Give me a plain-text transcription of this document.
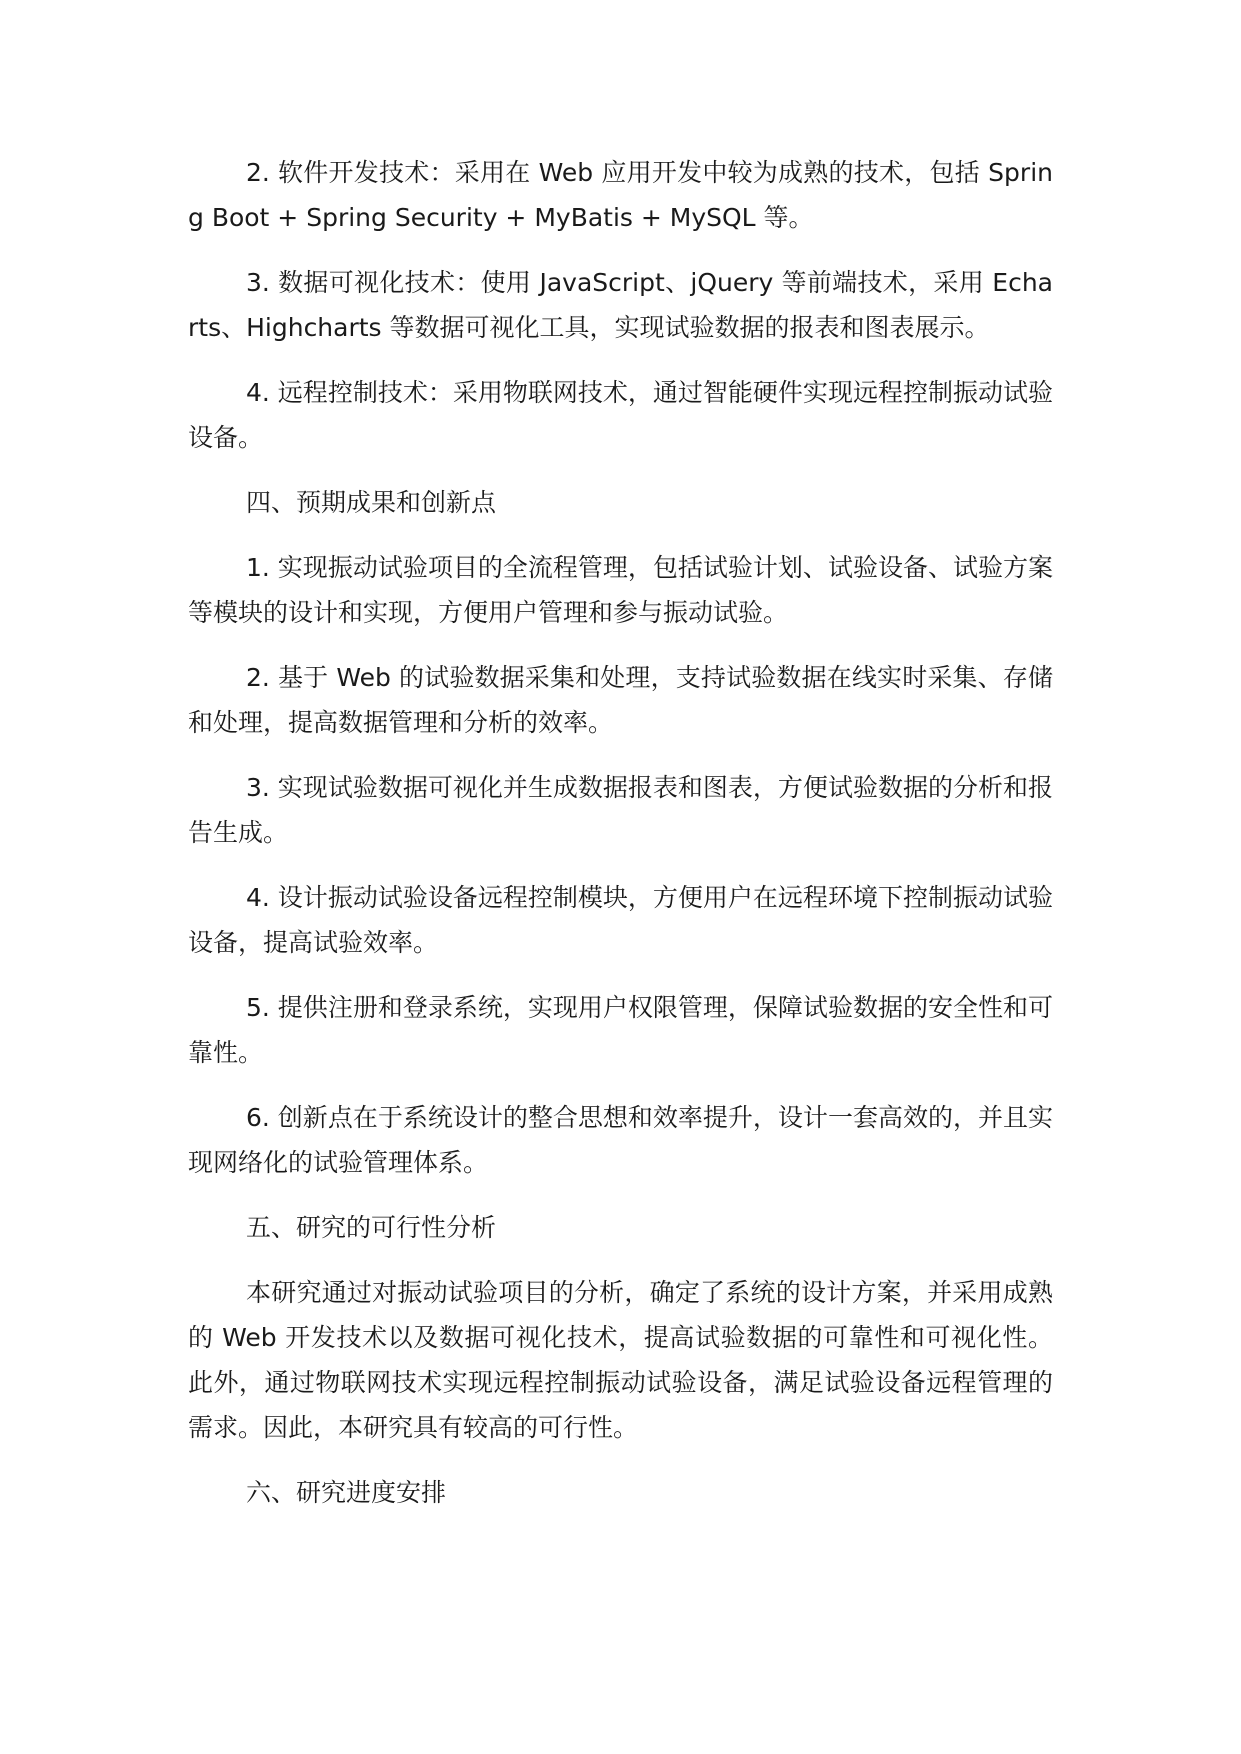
2. 软件开发技术：采用在 Web 应用开发中较为成熟的技术，包括 Spring Boot + Spring Security + MyBatis + MySQL 等。

3. 数据可视化技术：使用 JavaScript、jQuery 等前端技术，采用 Echarts、Highcharts 等数据可视化工具，实现试验数据的报表和图表展示。

4. 远程控制技术：采用物联网技术，通过智能硬件实现远程控制振动试验设备。

四、预期成果和创新点

1. 实现振动试验项目的全流程管理，包括试验计划、试验设备、试验方案等模块的设计和实现，方便用户管理和参与振动试验。

2. 基于 Web 的试验数据采集和处理，支持试验数据在线实时采集、存储和处理，提高数据管理和分析的效率。

3. 实现试验数据可视化并生成数据报表和图表，方便试验数据的分析和报告生成。

4. 设计振动试验设备远程控制模块，方便用户在远程环境下控制振动试验设备，提高试验效率。

5. 提供注册和登录系统，实现用户权限管理，保障试验数据的安全性和可靠性。

6. 创新点在于系统设计的整合思想和效率提升，设计一套高效的，并且实现网络化的试验管理体系。

五、研究的可行性分析

本研究通过对振动试验项目的分析，确定了系统的设计方案，并采用成熟的 Web 开发技术以及数据可视化技术，提高试验数据的可靠性和可视化性。此外，通过物联网技术实现远程控制振动试验设备，满足试验设备远程管理的需求。因此，本研究具有较高的可行性。

六、研究进度安排
